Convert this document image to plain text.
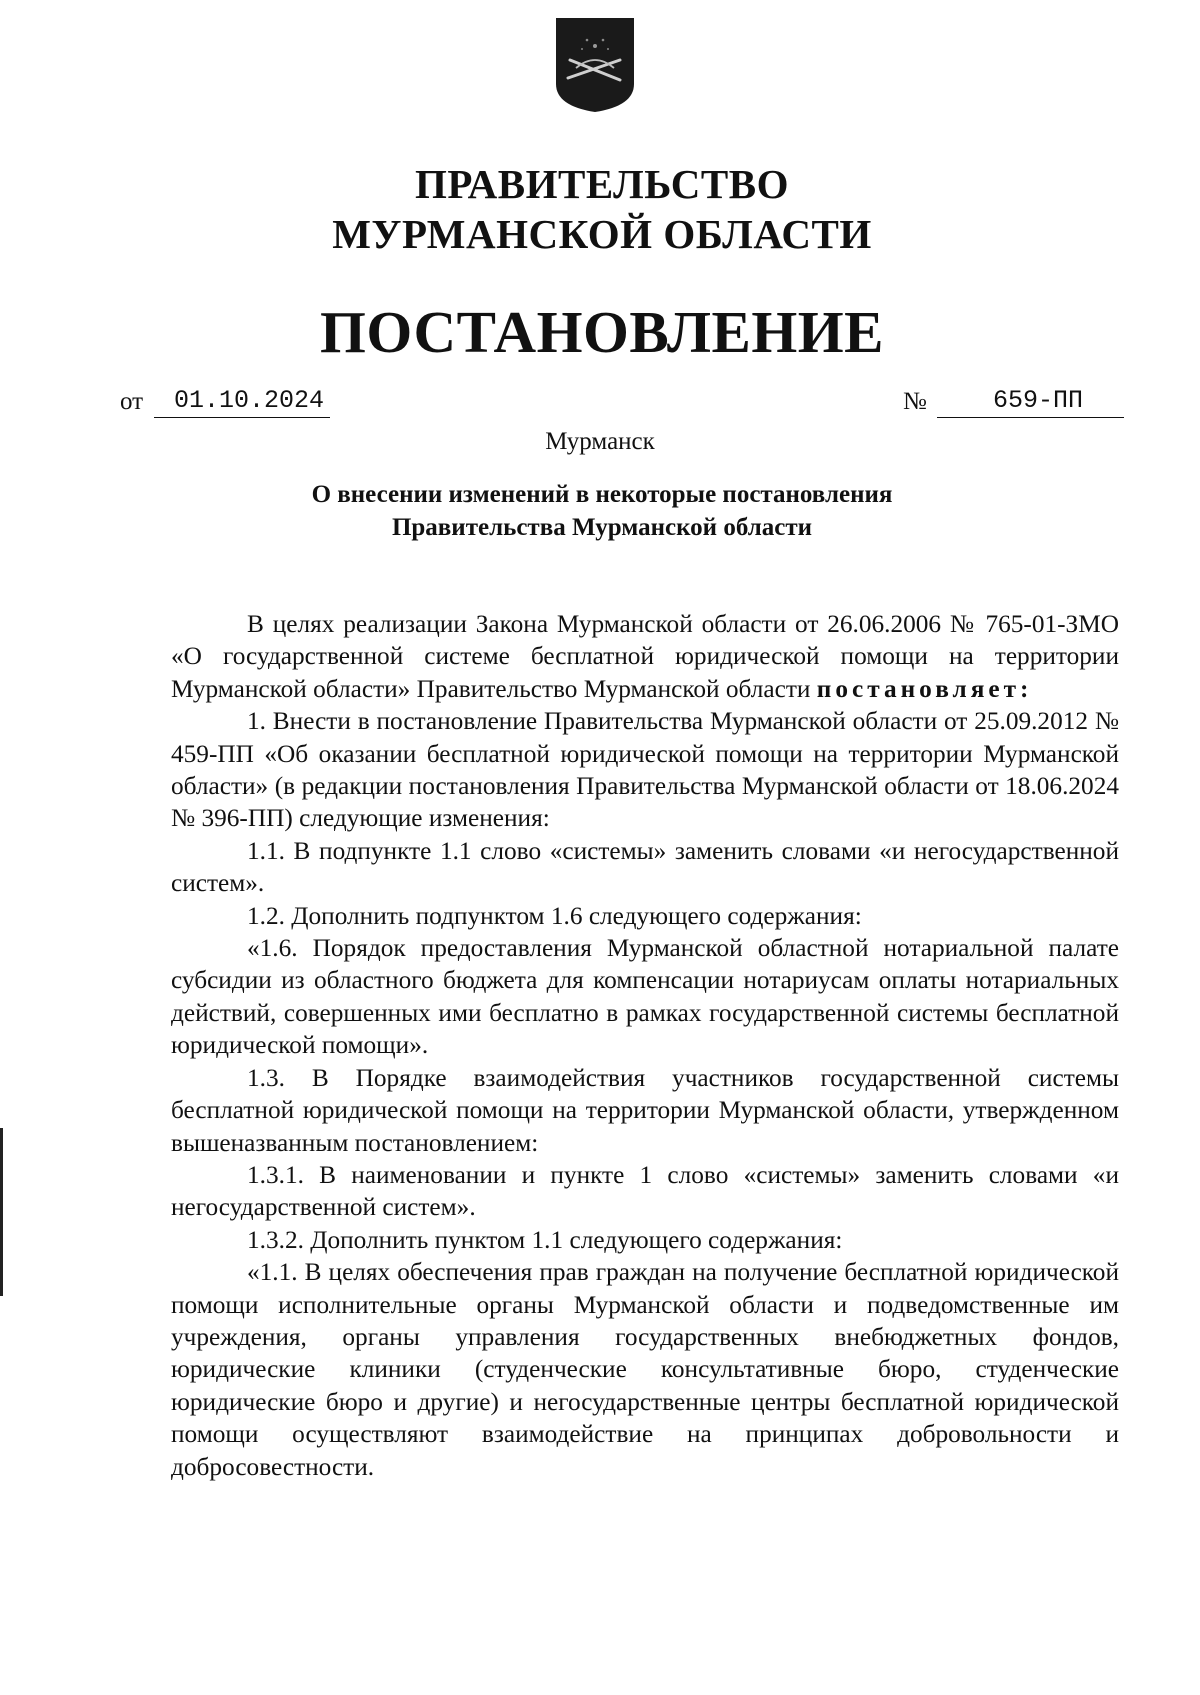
ПРАВИТЕЛЬСТВО
МУРМАНСКОЙ ОБЛАСТИ
ПОСТАНОВЛЕНИЕ
от	01.10.2024	№	659-ПП
Мурманск
О внесении изменений в некоторые постановления
Правительства Мурманской области

В целях реализации Закона Мурманской области от 26.06.2006 № 765-01-ЗМО «О государственной системе бесплатной юридической помощи на территории Мурманской области» Правительство Мурманской области постановляет:

1. Внести в постановление Правительства Мурманской области от 25.09.2012 № 459-ПП «Об оказании бесплатной юридической помощи на территории Мурманской области» (в редакции постановления Правительства Мурманской области от 18.06.2024 № 396-ПП) следующие изменения:

1.1. В подпункте 1.1 слово «системы» заменить словами «и негосударственной систем».

1.2. Дополнить подпунктом 1.6 следующего содержания:

«1.6. Порядок предоставления Мурманской областной нотариальной палате субсидии из областного бюджета для компенсации нотариусам оплаты нотариальных действий, совершенных ими бесплатно в рамках государственной системы бесплатной юридической помощи».

1.3. В Порядке взаимодействия участников государственной системы бесплатной юридической помощи на территории Мурманской области, утвержденном вышеназванным постановлением:

1.3.1. В наименовании и пункте 1 слово «системы» заменить словами «и негосударственной систем».

1.3.2. Дополнить пунктом 1.1 следующего содержания:

«1.1. В целях обеспечения прав граждан на получение бесплатной юридической помощи исполнительные органы Мурманской области и подведомственные им учреждения, органы управления государственных внебюджетных фондов, юридические клиники (студенческие консультативные бюро, студенческие юридические бюро и другие) и негосударственные центры бесплатной юридической помощи осуществляют взаимодействие на принципах добровольности и добросовестности.
